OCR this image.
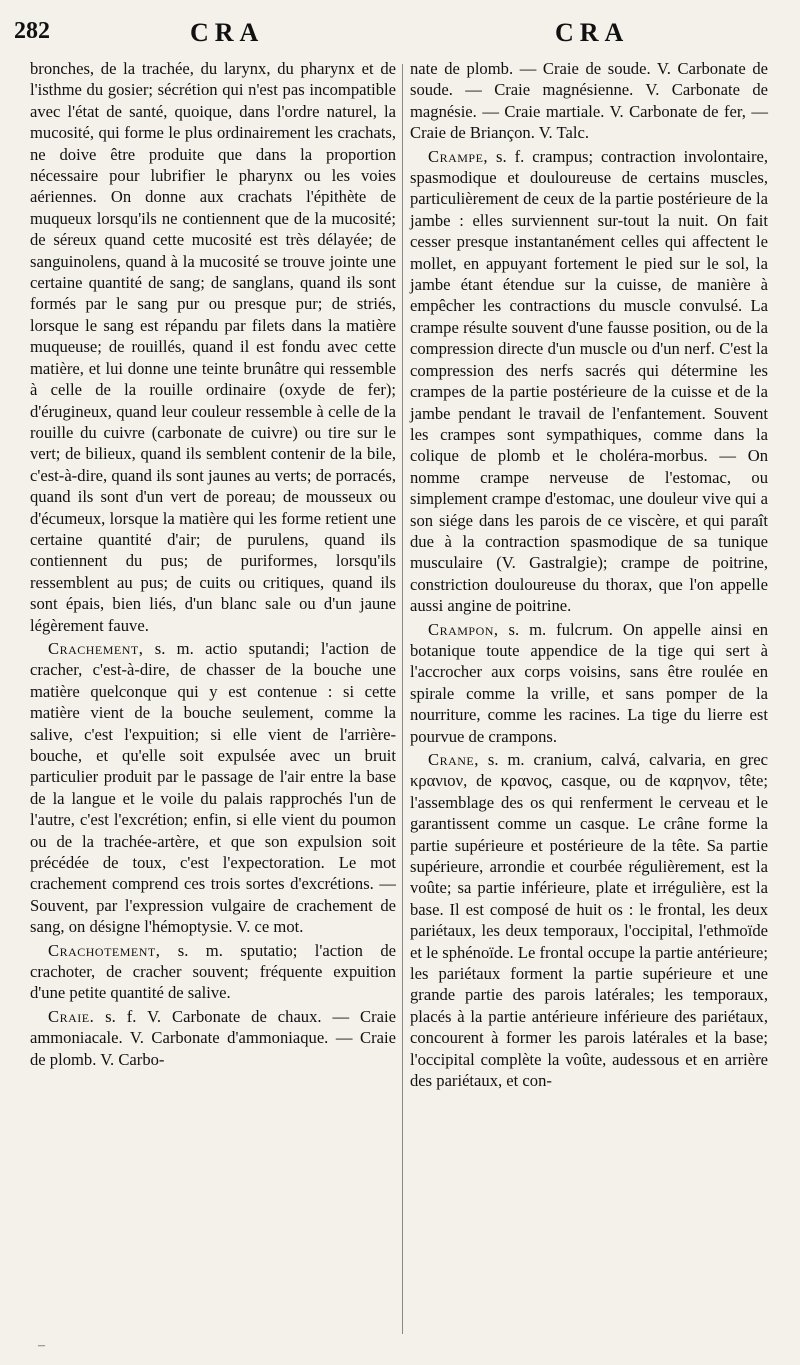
282	CRA	CRA

bronches, de la trachée, du larynx, du pharynx et de l'isthme du gosier; sécrétion qui n'est pas incompatible avec l'état de santé, quoique, dans l'ordre naturel, la mucosité, qui forme le plus ordinairement les crachats, ne doive être produite que dans la proportion nécessaire pour lubrifier le pharynx ou les voies aériennes. On donne aux crachats l'épithète de muqueux lorsqu'ils ne contiennent que de la mucosité; de séreux quand cette mucosité est très délayée; de sanguinolens, quand à la mucosité se trouve jointe une certaine quantité de sang; de sanglans, quand ils sont formés par le sang pur ou presque pur; de striés, lorsque le sang est répandu par filets dans la matière muqueuse; de rouillés, quand il est fondu avec cette matière, et lui donne une teinte brunâtre qui ressemble à celle de la rouille ordinaire (oxyde de fer); d'érugineux, quand leur couleur ressemble à celle de la rouille du cuivre (carbonate de cuivre) ou tire sur le vert; de bilieux, quand ils semblent contenir de la bile, c'est-à-dire, quand ils sont jaunes au verts; de porracés, quand ils sont d'un vert de poreau; de mousseux ou d'écumeux, lorsque la matière qui les forme retient une certaine quantité d'air; de purulens, quand ils contiennent du pus; de puriformes, lorsqu'ils ressemblent au pus; de cuits ou critiques, quand ils sont épais, bien liés, d'un blanc sale ou d'un jaune légèrement fauve.

Crachement, s. m. actio sputandi; l'action de cracher, c'est-à-dire, de chasser de la bouche une matière quelconque qui y est contenue : si cette matière vient de la bouche seulement, comme la salive, c'est l'expuition; si elle vient de l'arrière-bouche, et qu'elle soit expulsée avec un bruit particulier produit par le passage de l'air entre la base de la langue et le voile du palais rapprochés l'un de l'autre, c'est l'excrétion; enfin, si elle vient du poumon ou de la trachée-artère, et que son expulsion soit précédée de toux, c'est l'expectoration. Le mot crachement comprend ces trois sortes d'excrétions. — Souvent, par l'expression vulgaire de crachement de sang, on désigne l'hémoptysie. V. ce mot.

Crachotement, s. m. sputatio; l'action de crachoter, de cracher souvent; fréquente expuition d'une petite quantité de salive.

Craie. s. f. V. Carbonate de chaux. — Craie ammoniacale. V. Carbonate d'ammoniaque. — Craie de plomb. V. Carbo-

nate de plomb. — Craie de soude. V. Carbonate de soude. — Craie magnésienne. V. Carbonate de magnésie. — Craie martiale. V. Carbonate de fer, — Craie de Briançon. V. Talc.

Crampe, s. f. crampus; contraction involontaire, spasmodique et douloureuse de certains muscles, particulièrement de ceux de la partie postérieure de la jambe : elles surviennent sur-tout la nuit. On fait cesser presque instantanément celles qui affectent le mollet, en appuyant fortement le pied sur le sol, la jambe étant étendue sur la cuisse, de manière à empêcher les contractions du muscle convulsé. La crampe résulte souvent d'une fausse position, ou de la compression directe d'un muscle ou d'un nerf. C'est la compression des nerfs sacrés qui détermine les crampes de la partie postérieure de la cuisse et de la jambe pendant le travail de l'enfantement. Souvent les crampes sont sympathiques, comme dans la colique de plomb et le choléra-morbus. — On nomme crampe nerveuse de l'estomac, ou simplement crampe d'estomac, une douleur vive qui a son siége dans les parois de ce viscère, et qui paraît due à la contraction spasmodique de sa tunique musculaire (V. Gastralgie); crampe de poitrine, constriction douloureuse du thorax, que l'on appelle aussi angine de poitrine.

Crampon, s. m. fulcrum. On appelle ainsi en botanique toute appendice de la tige qui sert à l'accrocher aux corps voisins, sans être roulée en spirale comme la vrille, et sans pomper de la nourriture, comme les racines. La tige du lierre est pourvue de crampons.

Crane, s. m. cranium, calvá, calvaria, en grec κρανιον, de κρανος, casque, ou de καρηνον, tête; l'assemblage des os qui renferment le cerveau et le garantissent comme un casque. Le crâne forme la partie supérieure et postérieure de la tête. Sa partie supérieure, arrondie et courbée régulièrement, est la voûte; sa partie inférieure, plate et irrégulière, est la base. Il est composé de huit os : le frontal, les deux pariétaux, les deux temporaux, l'occipital, l'ethmoïde et le sphénoïde. Le frontal occupe la partie antérieure; les pariétaux forment la partie supérieure et une grande partie des parois latérales; les temporaux, placés à la partie antérieure inférieure des pariétaux, concourent à former les parois latérales et la base; l'occipital complète la voûte, audessous et en arrière des pariétaux, et con-

–
